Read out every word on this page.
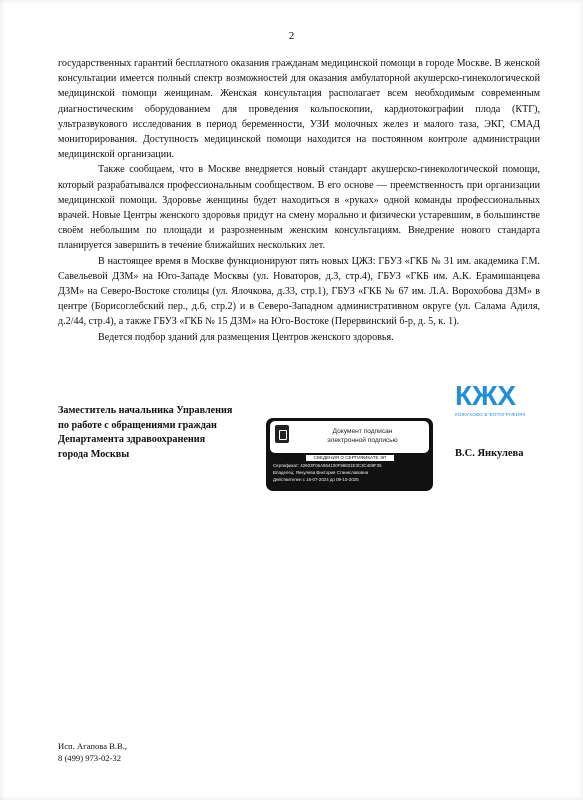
2

государственных гарантий бесплатного оказания гражданам медицинской помощи в городе Москве. В женской консультации имеется полный спектр возможностей для оказания амбулаторной акушерско-гинекологической медицинской помощи женщинам. Женская консультация располагает всем необходимым современным диагностическим оборудованием для проведения кольпоскопии, кардиотокографии плода (КТГ), ультразвукового исследования в период беременности, УЗИ молочных желез и малого таза, ЭКГ, СМАД мониторирования. Доступность медицинской помощи находится на постоянном контроле администрации медицинской организации.

Также сообщаем, что в Москве внедряется новый стандарт акушерско-гинекологической помощи, который разрабатывался профессиональным сообществом. В его основе — преемственность при организации медицинской помощи. Здоровье женщины будет находиться в «руках» одной команды профессиональных врачей. Новые Центры женского здоровья придут на смену морально и физически устаревшим, в большинстве своём небольшим по площади и разрозненным женским консультациям. Внедрение нового стандарта планируется завершить в течение ближайших нескольких лет.

В настоящее время в Москве функционируют пять новых ЦЖЗ: ГБУЗ «ГКБ № 31 им. академика Г.М. Савельевой ДЗМ» на Юго-Западе Москвы (ул. Новаторов, д.3, стр.4), ГБУЗ «ГКБ им. А.К. Ерамишанцева ДЗМ» на Северо-Востоке столицы (ул. Ялочкова, д.33, стр.1), ГБУЗ «ГКБ № 67 им. Л.А. Ворохобова ДЗМ» в центре (Борисоглебский пер., д.6, стр.2) и в Северо-Западном административном округе (ул. Салама Адиля, д.2/44, стр.4), а также ГБУЗ «ГКБ № 15 ДЗМ» на Юго-Востоке (Перервинский б-р, д. 5, к. 1).

Ведется подбор зданий для размещения Центров женского здоровья.

КЖХ
КОЖУХОВО В ФОТОГРАФИЯХ
Заместитель начальника Управления
по работе с обращениями граждан
Департамента здравоохранения
города Москвы
Документ подписан
электронной подписью
СВЕДЕНИЯ О СЕРТИФИКАТЕ ЭП
Сертификат: 42603F06A864100F98831E3C3C408F36
Владелец: Янкулева Виктория Станиславовна
Действителен с 16-07-2024 до 09-10-2025
В.С. Янкулева
Исп. Агапова В.В.,
8 (499) 973-02-32
